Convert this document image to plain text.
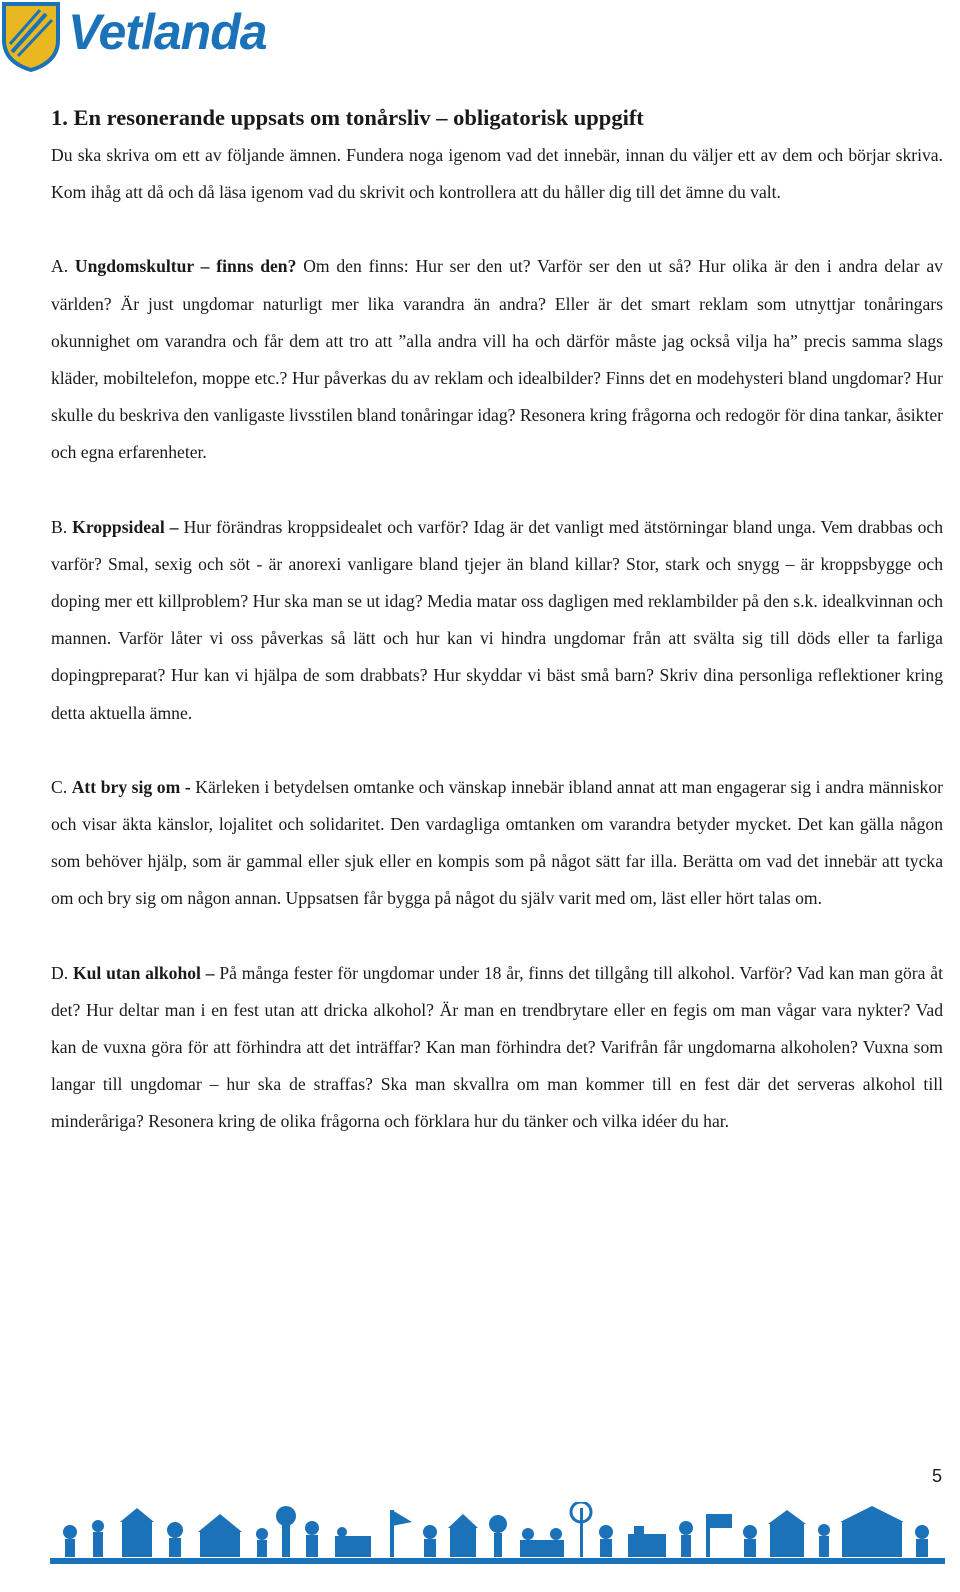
Vetlanda
1. En resonerande uppsats om tonårsliv – obligatorisk uppgift

Du ska skriva om ett av följande ämnen. Fundera noga igenom vad det innebär, innan du väljer ett av dem och börjar skriva. Kom ihåg att då och då läsa igenom vad du skrivit och kontrollera att du håller dig till det ämne du valt.

A. Ungdomskultur – finns den? Om den finns: Hur ser den ut? Varför ser den ut så? Hur olika är den i andra delar av världen? Är just ungdomar naturligt mer lika varandra än andra? Eller är det smart reklam som utnyttjar tonåringars okunnighet om varandra och får dem att tro att ”alla andra vill ha och därför måste jag också vilja ha” precis samma slags kläder, mobiltelefon, moppe etc.? Hur påverkas du av reklam och idealbilder? Finns det en modehysteri bland ungdomar? Hur skulle du beskriva den vanligaste livsstilen bland tonåringar idag? Resonera kring frågorna och redogör för dina tankar, åsikter och egna erfarenheter.

B. Kroppsideal – Hur förändras kroppsidealet och varför? Idag är det vanligt med ätstörningar bland unga. Vem drabbas och varför? Smal, sexig och söt - är anorexi vanligare bland tjejer än bland killar? Stor, stark och snygg – är kroppsbygge och doping mer ett killproblem? Hur ska man se ut idag? Media matar oss dagligen med reklambilder på den s.k. idealkvinnan och mannen. Varför låter vi oss påverkas så lätt och hur kan vi hindra ungdomar från att svälta sig till döds eller ta farliga dopingpreparat? Hur kan vi hjälpa de som drabbats? Hur skyddar vi bäst små barn? Skriv dina personliga reflektioner kring detta aktuella ämne.

C. Att bry sig om - Kärleken i betydelsen omtanke och vänskap innebär ibland annat att man engagerar sig i andra människor och visar äkta känslor, lojalitet och solidaritet. Den vardagliga omtanken om varandra betyder mycket. Det kan gälla någon som behöver hjälp, som är gammal eller sjuk eller en kompis som på något sätt far illa. Berätta om vad det innebär att tycka om och bry sig om någon annan. Uppsatsen får bygga på något du själv varit med om, läst eller hört talas om.

D. Kul utan alkohol – På många fester för ungdomar under 18 år, finns det tillgång till alkohol. Varför? Vad kan man göra åt det? Hur deltar man i en fest utan att dricka alkohol? Är man en trendbrytare eller en fegis om man vågar vara nykter? Vad kan de vuxna göra för att förhindra att det inträffar? Kan man förhindra det? Varifrån får ungdomarna alkoholen? Vuxna som langar till ungdomar – hur ska de straffas? Ska man skvallra om man kommer till en fest där det serveras alkohol till minderåriga? Resonera kring de olika frågorna och förklara hur du tänker och vilka idéer du har.

5
